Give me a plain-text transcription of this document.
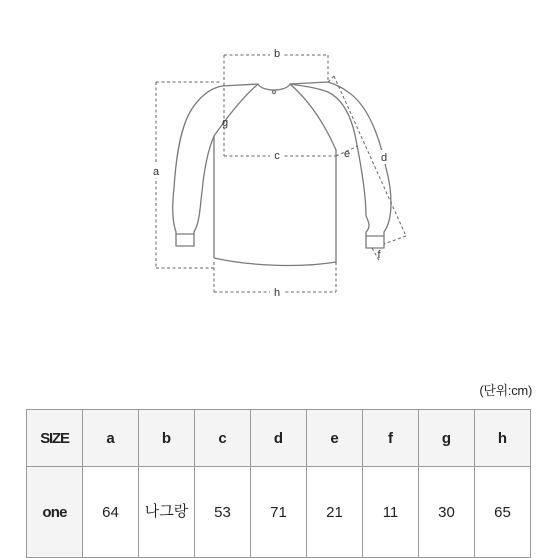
b
a
g
c	e	d
f
h
(단위:cm)
SIZE	a	b	c	d	e	f	g	h
one	64	나그랑	53	71	21	11	30	65
